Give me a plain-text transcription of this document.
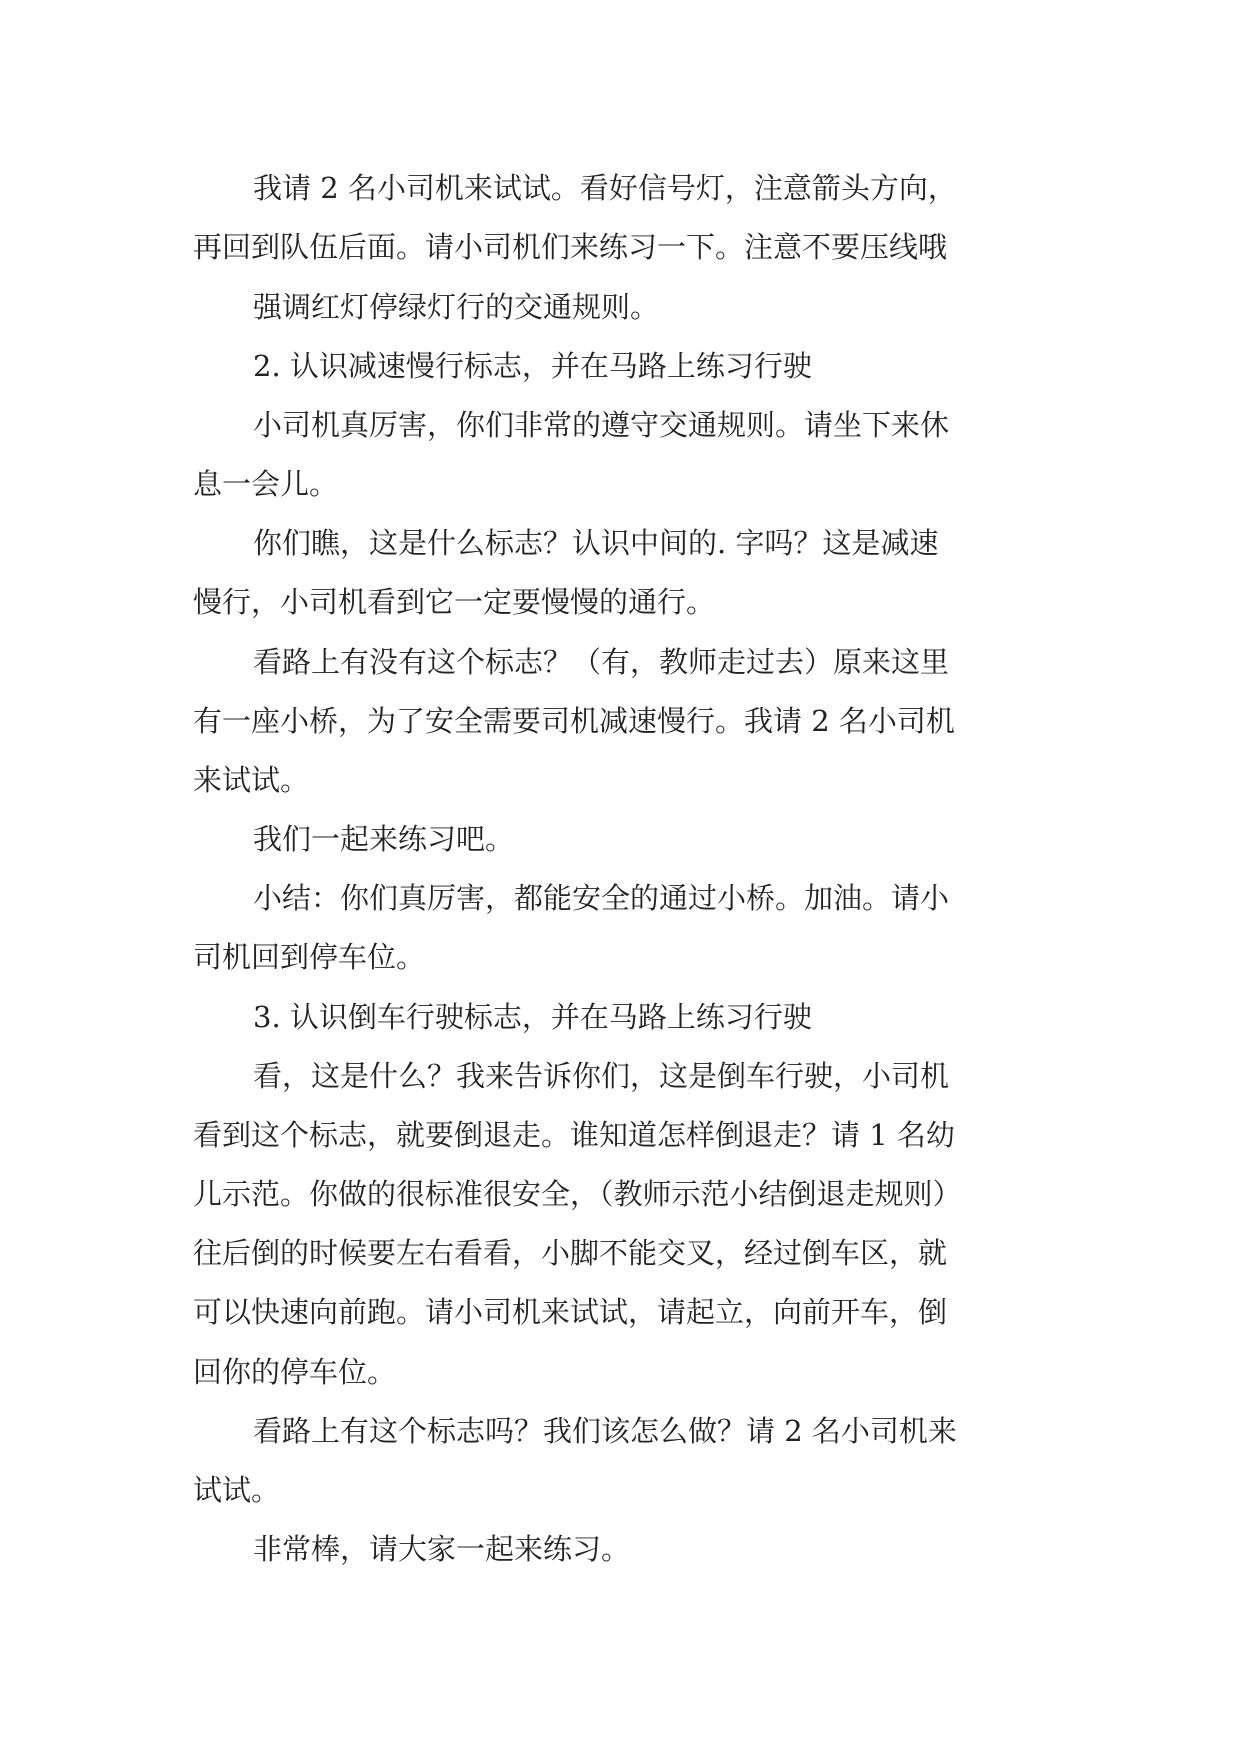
我请 2 名小司机来试试。看好信号灯，注意箭头方向，
再回到队伍后面。请小司机们来练习一下。注意不要压线哦
强调红灯停绿灯行的交通规则。
2. 认识减速慢行标志，并在马路上练习行驶
小司机真厉害，你们非常的遵守交通规则。请坐下来休
息一会儿。
你们瞧，这是什么标志？认识中间的. 字吗？这是减速
慢行，小司机看到它一定要慢慢的通行。
看路上有没有这个标志？（有，教师走过去）原来这里
有一座小桥，为了安全需要司机减速慢行。我请 2 名小司机
来试试。
我们一起来练习吧。
小结：你们真厉害，都能安全的通过小桥。加油。请小
司机回到停车位。
3. 认识倒车行驶标志，并在马路上练习行驶
看，这是什么？我来告诉你们，这是倒车行驶，小司机
看到这个标志，就要倒退走。谁知道怎样倒退走？请 1 名幼
儿示范。你做的很标准很安全，（教师示范小结倒退走规则）
往后倒的时候要左右看看，小脚不能交叉，经过倒车区，就
可以快速向前跑。请小司机来试试，请起立，向前开车，倒
回你的停车位。
看路上有这个标志吗？我们该怎么做？请 2 名小司机来
试试。
非常棒，请大家一起来练习。
